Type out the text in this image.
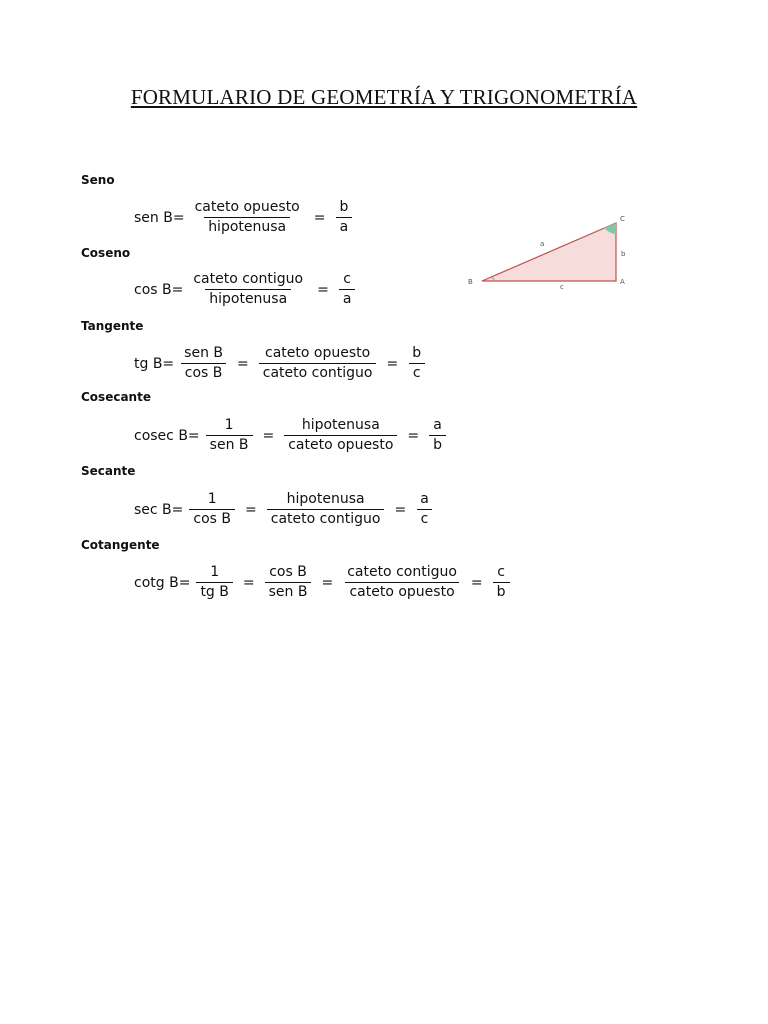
FORMULARIO DE GEOMETRÍA Y TRIGONOMETRÍA
Seno
sen $B= \frac{\text{cateto opuesto}}{\text{hipotenusa}} = \frac{b}{a}$
Coseno
$\cos B= \frac{\text{cateto contiguo}}{\text{hipotenusa}} = \frac{c}{a}$
Tangente
tg $B= \frac{\text{sen B}}{\text{cos B}} = \frac{\text{cateto opuesto}}{\text{cateto contiguo}} = \frac{b}{c}$
Cosecante
cosec $B= \frac{1}{\text{sen B}} = \frac{\text{hipotenusa}}{\text{cateto opuesto}} = \frac{a}{b}$
Secante
$\sec B= \frac{1}{\text{cos B}} = \frac{\text{hipotenusa}}{\text{cateto contiguo}} = \frac{a}{c}$
Cotangente
cotg $B= \frac{1}{\text{tg B}} = \frac{\text{cos B}}{\text{sen B}} = \frac{\text{cateto contiguo}}{\text{cateto opuesto}} = \frac{c}{b}$
B	A
C
a
b
c
